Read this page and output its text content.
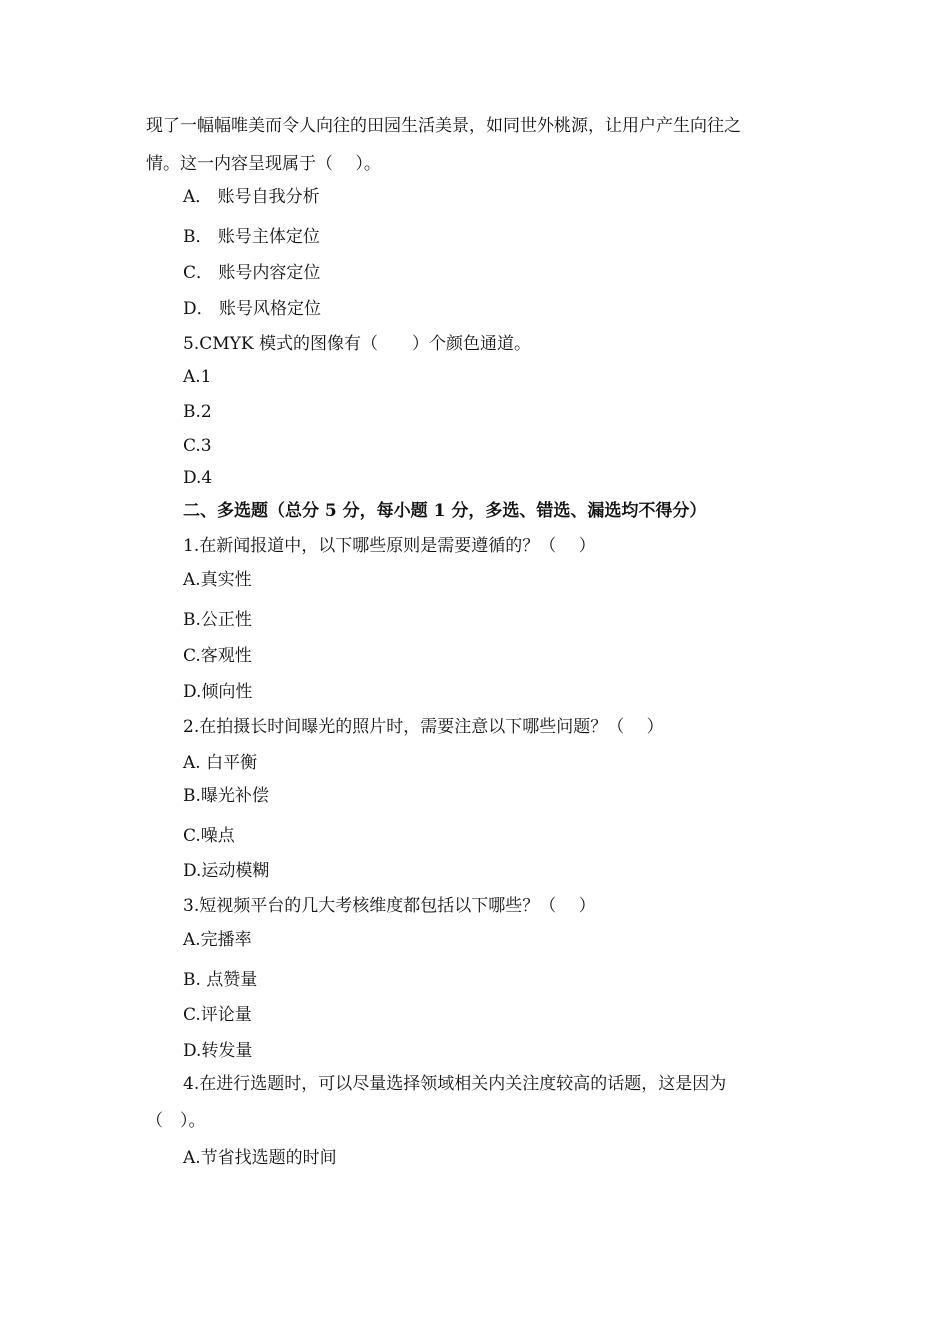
现了一幅幅唯美而令人向往的田园生活美景，如同世外桃源，让用户产生向往之
情。这一内容呈现属于（　 ）。
A． 账号自我分析
B． 账号主体定位
C． 账号内容定位
D． 账号风格定位
5.CMYK 模式的图像有（　　）个颜色通道。
A.1
B.2
C.3
D.4
二、多选题（总分 5 分，每小题 1 分，多选、错选、漏选均不得分）
1.在新闻报道中，以下哪些原则是需要遵循的？（　 ）
A.真实性
B.公正性
C.客观性
D.倾向性
2.在拍摄长时间曝光的照片时，需要注意以下哪些问题？（　 ）
A. 白平衡
B.曝光补偿
C.噪点
D.运动模糊
3.短视频平台的几大考核维度都包括以下哪些？（　 ）
A.完播率
B. 点赞量
C.评论量
D.转发量
4.在进行选题时，可以尽量选择领域相关内关注度较高的话题，这是因为
（　）。
A.节省找选题的时间
